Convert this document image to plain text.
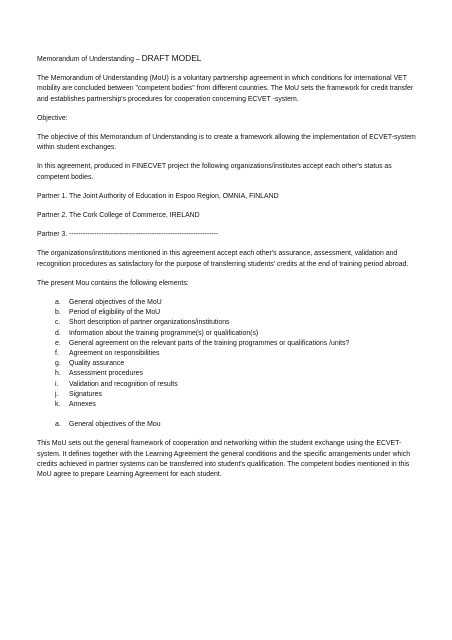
Memorandum of Understanding – DRAFT MODEL

The Memorandum of Understanding (MoU) is a voluntary partnership agreement in which conditions for international VET mobility are concluded between "competent bodies" from different countries. The MoU sets the framework for credit transfer and establishes partnership's procedures for cooperation concerning ECVET -system.

Objective:

The objective of this Memorandum of Understanding is to create a framework allowing the implementation of ECVET-system within student exchanges.

In this agreement, produced in FINECVET project the following organizations/institutes accept each other's status as competent bodies.

Partner 1. The Joint Authority of Education in Espoo Region, OMNIA, FINLAND

Partner 2. The Cork College of Commerce, IRELAND

Partner 3. -----------------------------------------------------------------

The organizations/institutions mentioned in this agreement accept each other's assurance, assessment, validation and recognition procedures as satisfactory for the purpose of transferring students' credits at the end of training period abroad.

The present Mou contains the following elements:

a.	General objectives of the MoU
b.	Period of eligibility of the MoU
c.	Short description of partner organizations/institutions
d.	Information about the training programme(s) or qualification(s)
e.	General agreement on the relevant parts of the training programmes or qualifications /units?
f.	Agreement on responsibilities
g.	Quality assurance
h.	Assessment procedures
i.	Validation and recognition of results
j.	Signatures
k.	Annexes
a.	General objectives of the Mou

This MoU sets out the general framework of cooperation and networking within the student exchange using the ECVET-system. It defines together with the Learning Agreement the general conditions and the specific arrangements under which credits achieved in partner systems can be transferred into student's qualification. The competent bodies mentioned in this MoU agree to prepare Learning Agreement for each student.
